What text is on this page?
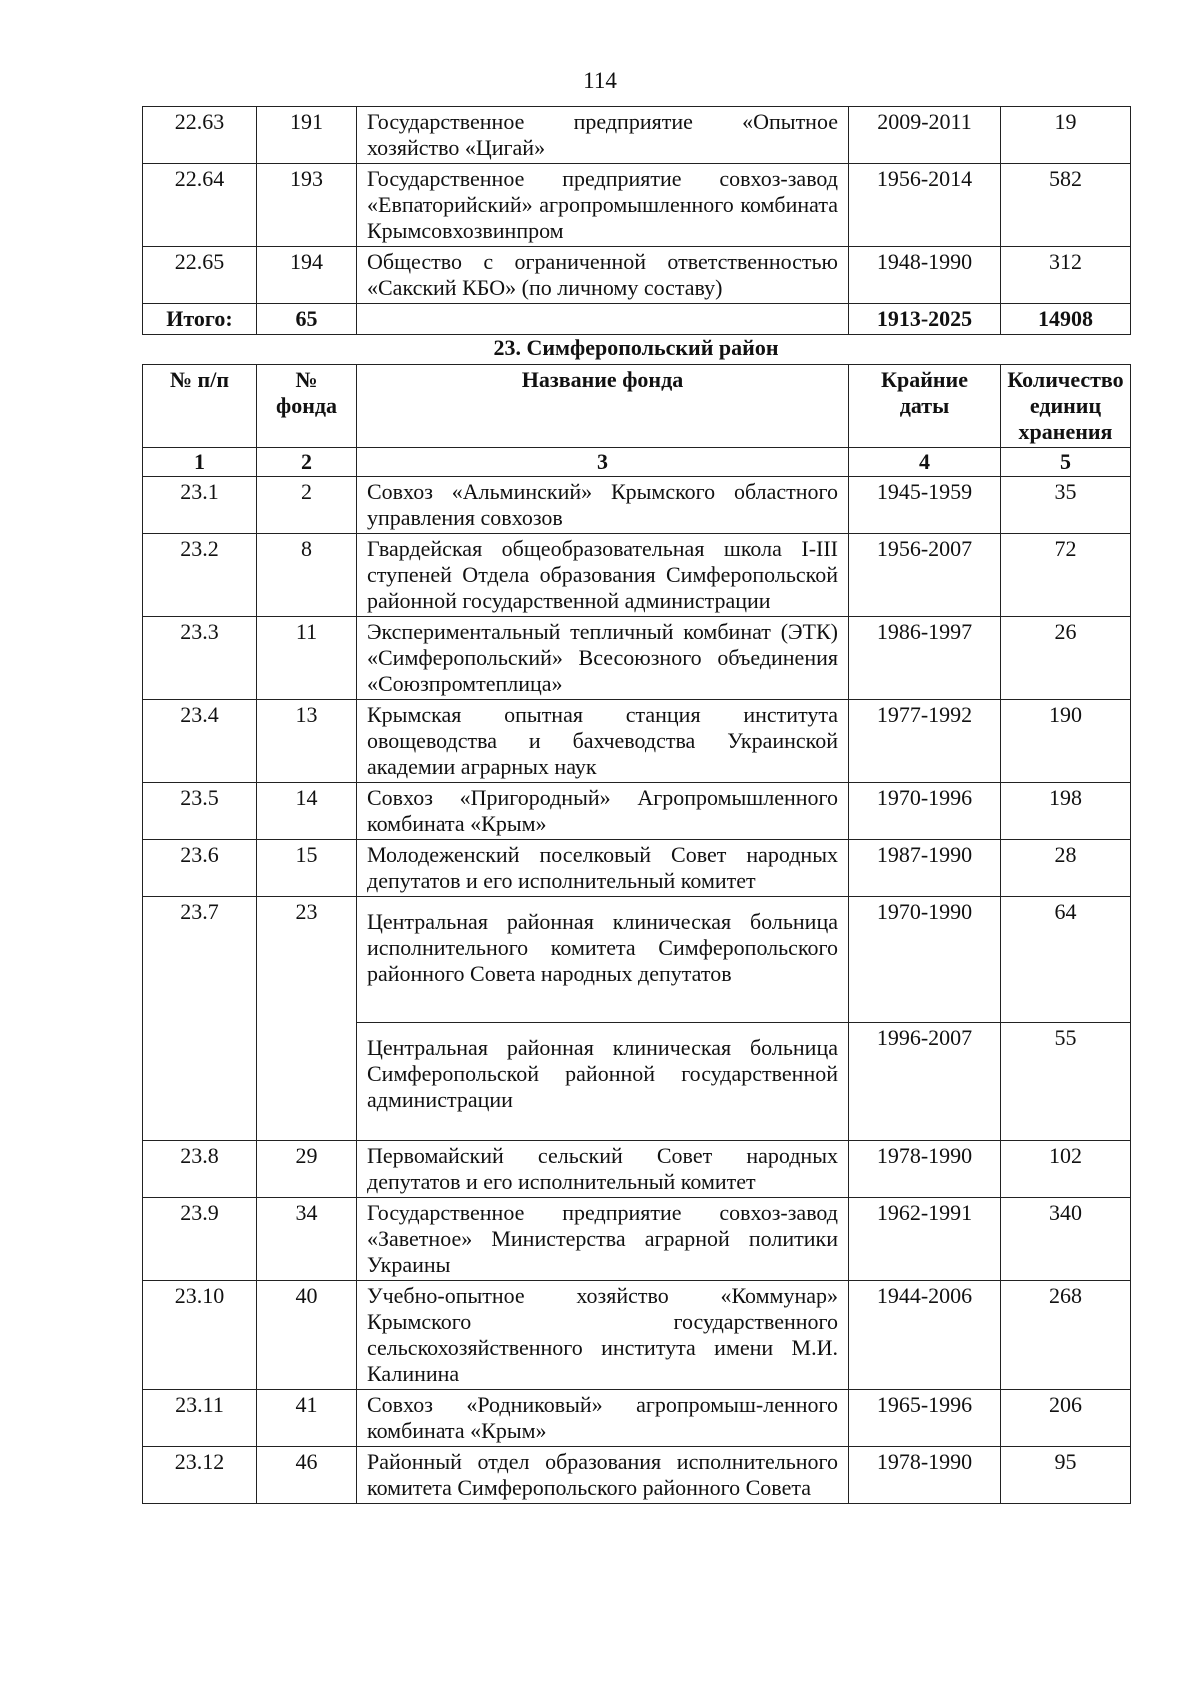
114
22.63	191	Государственное предприятие «Опытное хозяйство «Цигай»	2009-2011	19
22.64	193	Государственное предприятие совхоз-завод «Евпаторийский» агропромышленного комбината Крымсовхозвинпром	1956-2014	582
22.65	194	Общество с ограниченной ответственностью «Сакский КБО» (по личному составу)	1948-1990	312
Итого:	65		1913-2025	14908
23. Симферопольский район
№ п/п	№ фонда	Название фонда	Крайние даты	Количество единиц хранения
1	2	3	4	5
23.1	2	Совхоз «Альминский» Крымского областного управления совхозов	1945-1959	35
23.2	8	Гвардейская общеобразовательная школа I-III ступеней Отдела образования Симферопольской районной государственной администрации	1956-2007	72
23.3	11	Экспериментальный тепличный комбинат (ЭТК) «Симферопольский» Всесоюзного объединения «Союзпромтеплица»	1986-1997	26
23.4	13	Крымская опытная станция института овощеводства и бахчеводства Украинской академии аграрных наук	1977-1992	190
23.5	14	Совхоз «Пригородный» Агропромышленного комбината «Крым»	1970-1996	198
23.6	15	Молодеженский поселковый Совет народных депутатов и его исполнительный комитет	1987-1990	28
23.7	23	Центральная районная клиническая больница исполнительного комитета Симферопольского районного Совета народных депутатов	1970-1990	64
		Центральная районная клиническая больница Симферопольской районной государственной администрации	1996-2007	55
23.8	29	Первомайский сельский Совет народных депутатов и его исполнительный комитет	1978-1990	102
23.9	34	Государственное предприятие совхоз-завод «Заветное» Министерства аграрной политики Украины	1962-1991	340
23.10	40	Учебно-опытное хозяйство «Коммунар» Крымского государственного сельскохозяйственного института имени М.И. Калинина	1944-2006	268
23.11	41	Совхоз «Родниковый» агропромыш-ленного комбината «Крым»	1965-1996	206
23.12	46	Районный отдел образования исполнительного комитета Симферопольского районного Совета	1978-1990	95
